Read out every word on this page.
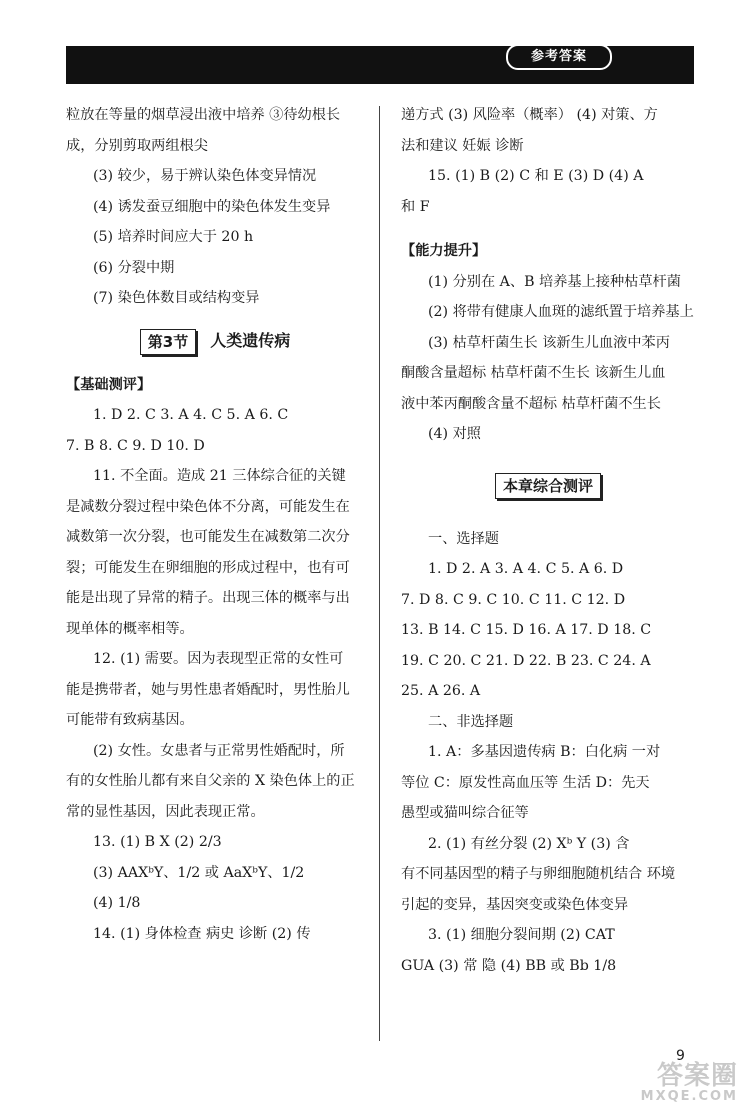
参考答案
粒放在等量的烟草浸出液中培养 ③待幼根长
成，分别剪取两组根尖
(3) 较少，易于辨认染色体变异情况
(4) 诱发蚕豆细胞中的染色体发生变异
(5) 培养时间应大于 20 h
(6) 分裂中期
(7) 染色体数目或结构变异
第3节	人类遗传病
【基础测评】
1. D 2. C 3. A 4. C 5. A 6. C
7. B 8. C 9. D 10. D
11. 不全面。造成 21 三体综合征的关键
是减数分裂过程中染色体不分离，可能发生在
减数第一次分裂，也可能发生在减数第二次分
裂；可能发生在卵细胞的形成过程中，也有可
能是出现了异常的精子。出现三体的概率与出
现单体的概率相等。
12. (1) 需要。因为表现型正常的女性可
能是携带者，她与男性患者婚配时，男性胎儿
可能带有致病基因。
(2) 女性。女患者与正常男性婚配时，所
有的女性胎儿都有来自父亲的 X 染色体上的正
常的显性基因，因此表现正常。
13. (1) B X (2) 2/3
(3) AAXᵇY、1/2 或 AaXᵇY、1/2
(4) 1/8
14. (1) 身体检查 病史 诊断 (2) 传
递方式 (3) 风险率（概率） (4) 对策、方
法和建议 妊娠 诊断
15. (1) B (2) C 和 E (3) D (4) A
和 F
【能力提升】
(1) 分别在 A、B 培养基上接种枯草杆菌
(2) 将带有健康人血斑的滤纸置于培养基上
(3) 枯草杆菌生长 该新生儿血液中苯丙
酮酸含量超标 枯草杆菌不生长 该新生儿血
液中苯丙酮酸含量不超标 枯草杆菌不生长
(4) 对照
本章综合测评
一、选择题
1. D 2. A 3. A 4. C 5. A 6. D
7. D 8. C 9. C 10. C 11. C 12. D
13. B 14. C 15. D 16. A 17. D 18. C
19. C 20. C 21. D 22. B 23. C 24. A
25. A 26. A
二、非选择题
1. A：多基因遗传病 B：白化病 一对
等位 C：原发性高血压等 生活 D：先天
愚型或猫叫综合征等
2. (1) 有丝分裂 (2) Xᵇ Y (3) 含
有不同基因型的精子与卵细胞随机结合 环境
引起的变异，基因突变或染色体变异
3. (1) 细胞分裂间期 (2) CAT
GUA (3) 常 隐 (4) BB 或 Bb 1/8
9
答案圈
MXQE.COM
